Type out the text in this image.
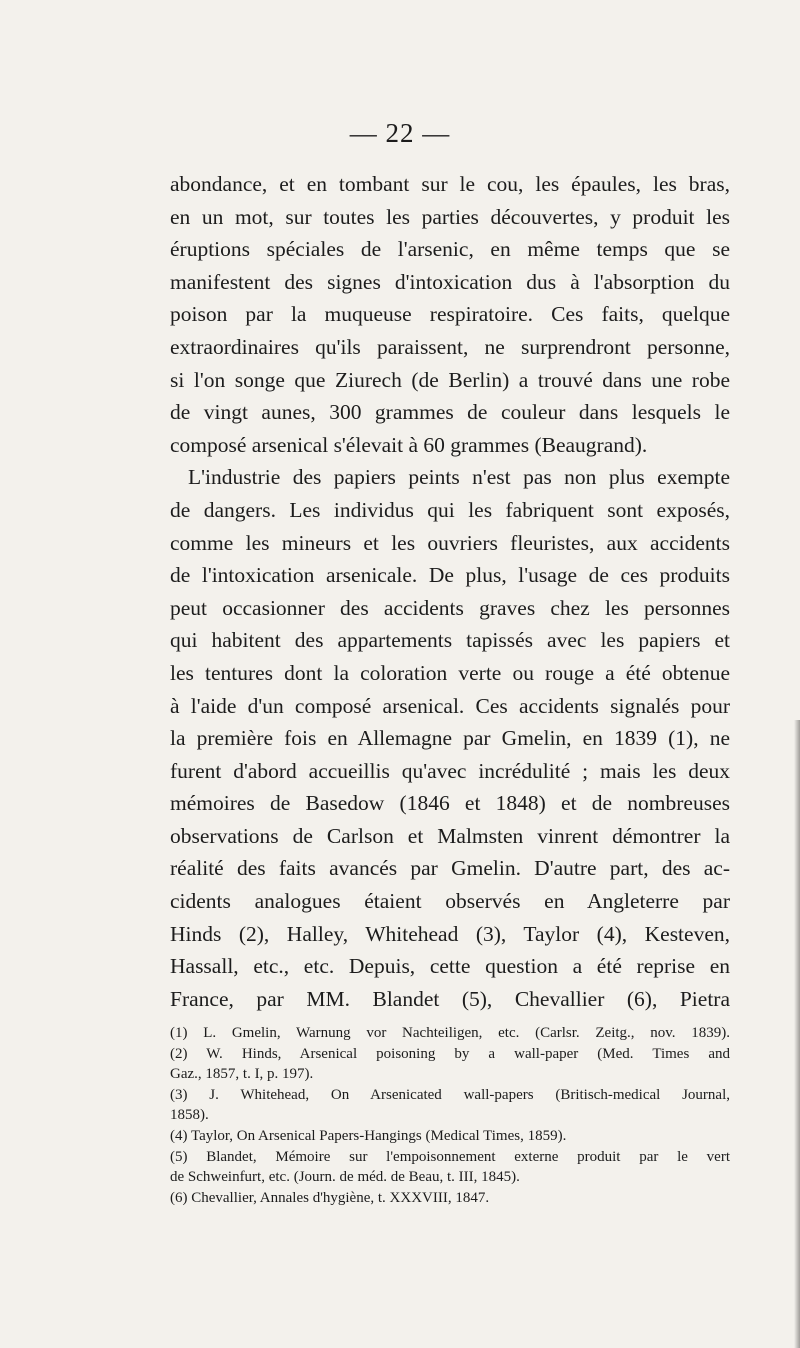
— 22 —
abondance, et en tombant sur le cou, les épaules, les bras,
en un mot, sur toutes les parties découvertes, y produit les
éruptions spéciales de l'arsenic, en même temps que se
manifestent des signes d'intoxication dus à l'absorption du
poison par la muqueuse respiratoire. Ces faits, quelque
extraordinaires qu'ils paraissent, ne surprendront personne,
si l'on songe que Ziurech (de Berlin) a trouvé dans une robe
de vingt aunes, 300 grammes de couleur dans lesquels le
composé arsenical s'élevait à 60 grammes (Beaugrand).
L'industrie des papiers peints n'est pas non plus exempte
de dangers. Les individus qui les fabriquent sont exposés,
comme les mineurs et les ouvriers fleuristes, aux accidents
de l'intoxication arsenicale. De plus, l'usage de ces produits
peut occasionner des accidents graves chez les personnes
qui habitent des appartements tapissés avec les papiers et
les tentures dont la coloration verte ou rouge a été obtenue
à l'aide d'un composé arsenical. Ces accidents signalés pour
la première fois en Allemagne par Gmelin, en 1839 (1), ne
furent d'abord accueillis qu'avec incrédulité ; mais les deux
mémoires de Basedow (1846 et 1848) et de nombreuses
observations de Carlson et Malmsten vinrent démontrer la
réalité des faits avancés par Gmelin. D'autre part, des ac-
cidents analogues étaient observés en Angleterre par
Hinds (2), Halley, Whitehead (3), Taylor (4), Kesteven,
Hassall, etc., etc. Depuis, cette question a été reprise en
France, par MM. Blandet (5), Chevallier (6), Pietra
(1) L. Gmelin, Warnung vor Nachteiligen, etc. (Carlsr. Zeitg., nov. 1839).
(2) W. Hinds, Arsenical poisoning by a wall-paper (Med. Times and
Gaz., 1857, t. I, p. 197).
(3) J. Whitehead, On Arsenicated wall-papers (Britisch-medical Journal,
1858).
(4) Taylor, On Arsenical Papers-Hangings (Medical Times, 1859).
(5) Blandet, Mémoire sur l'empoisonnement externe produit par le vert
de Schweinfurt, etc. (Journ. de méd. de Beau, t. III, 1845).
(6) Chevallier, Annales d'hygiène, t. XXXVIII, 1847.
